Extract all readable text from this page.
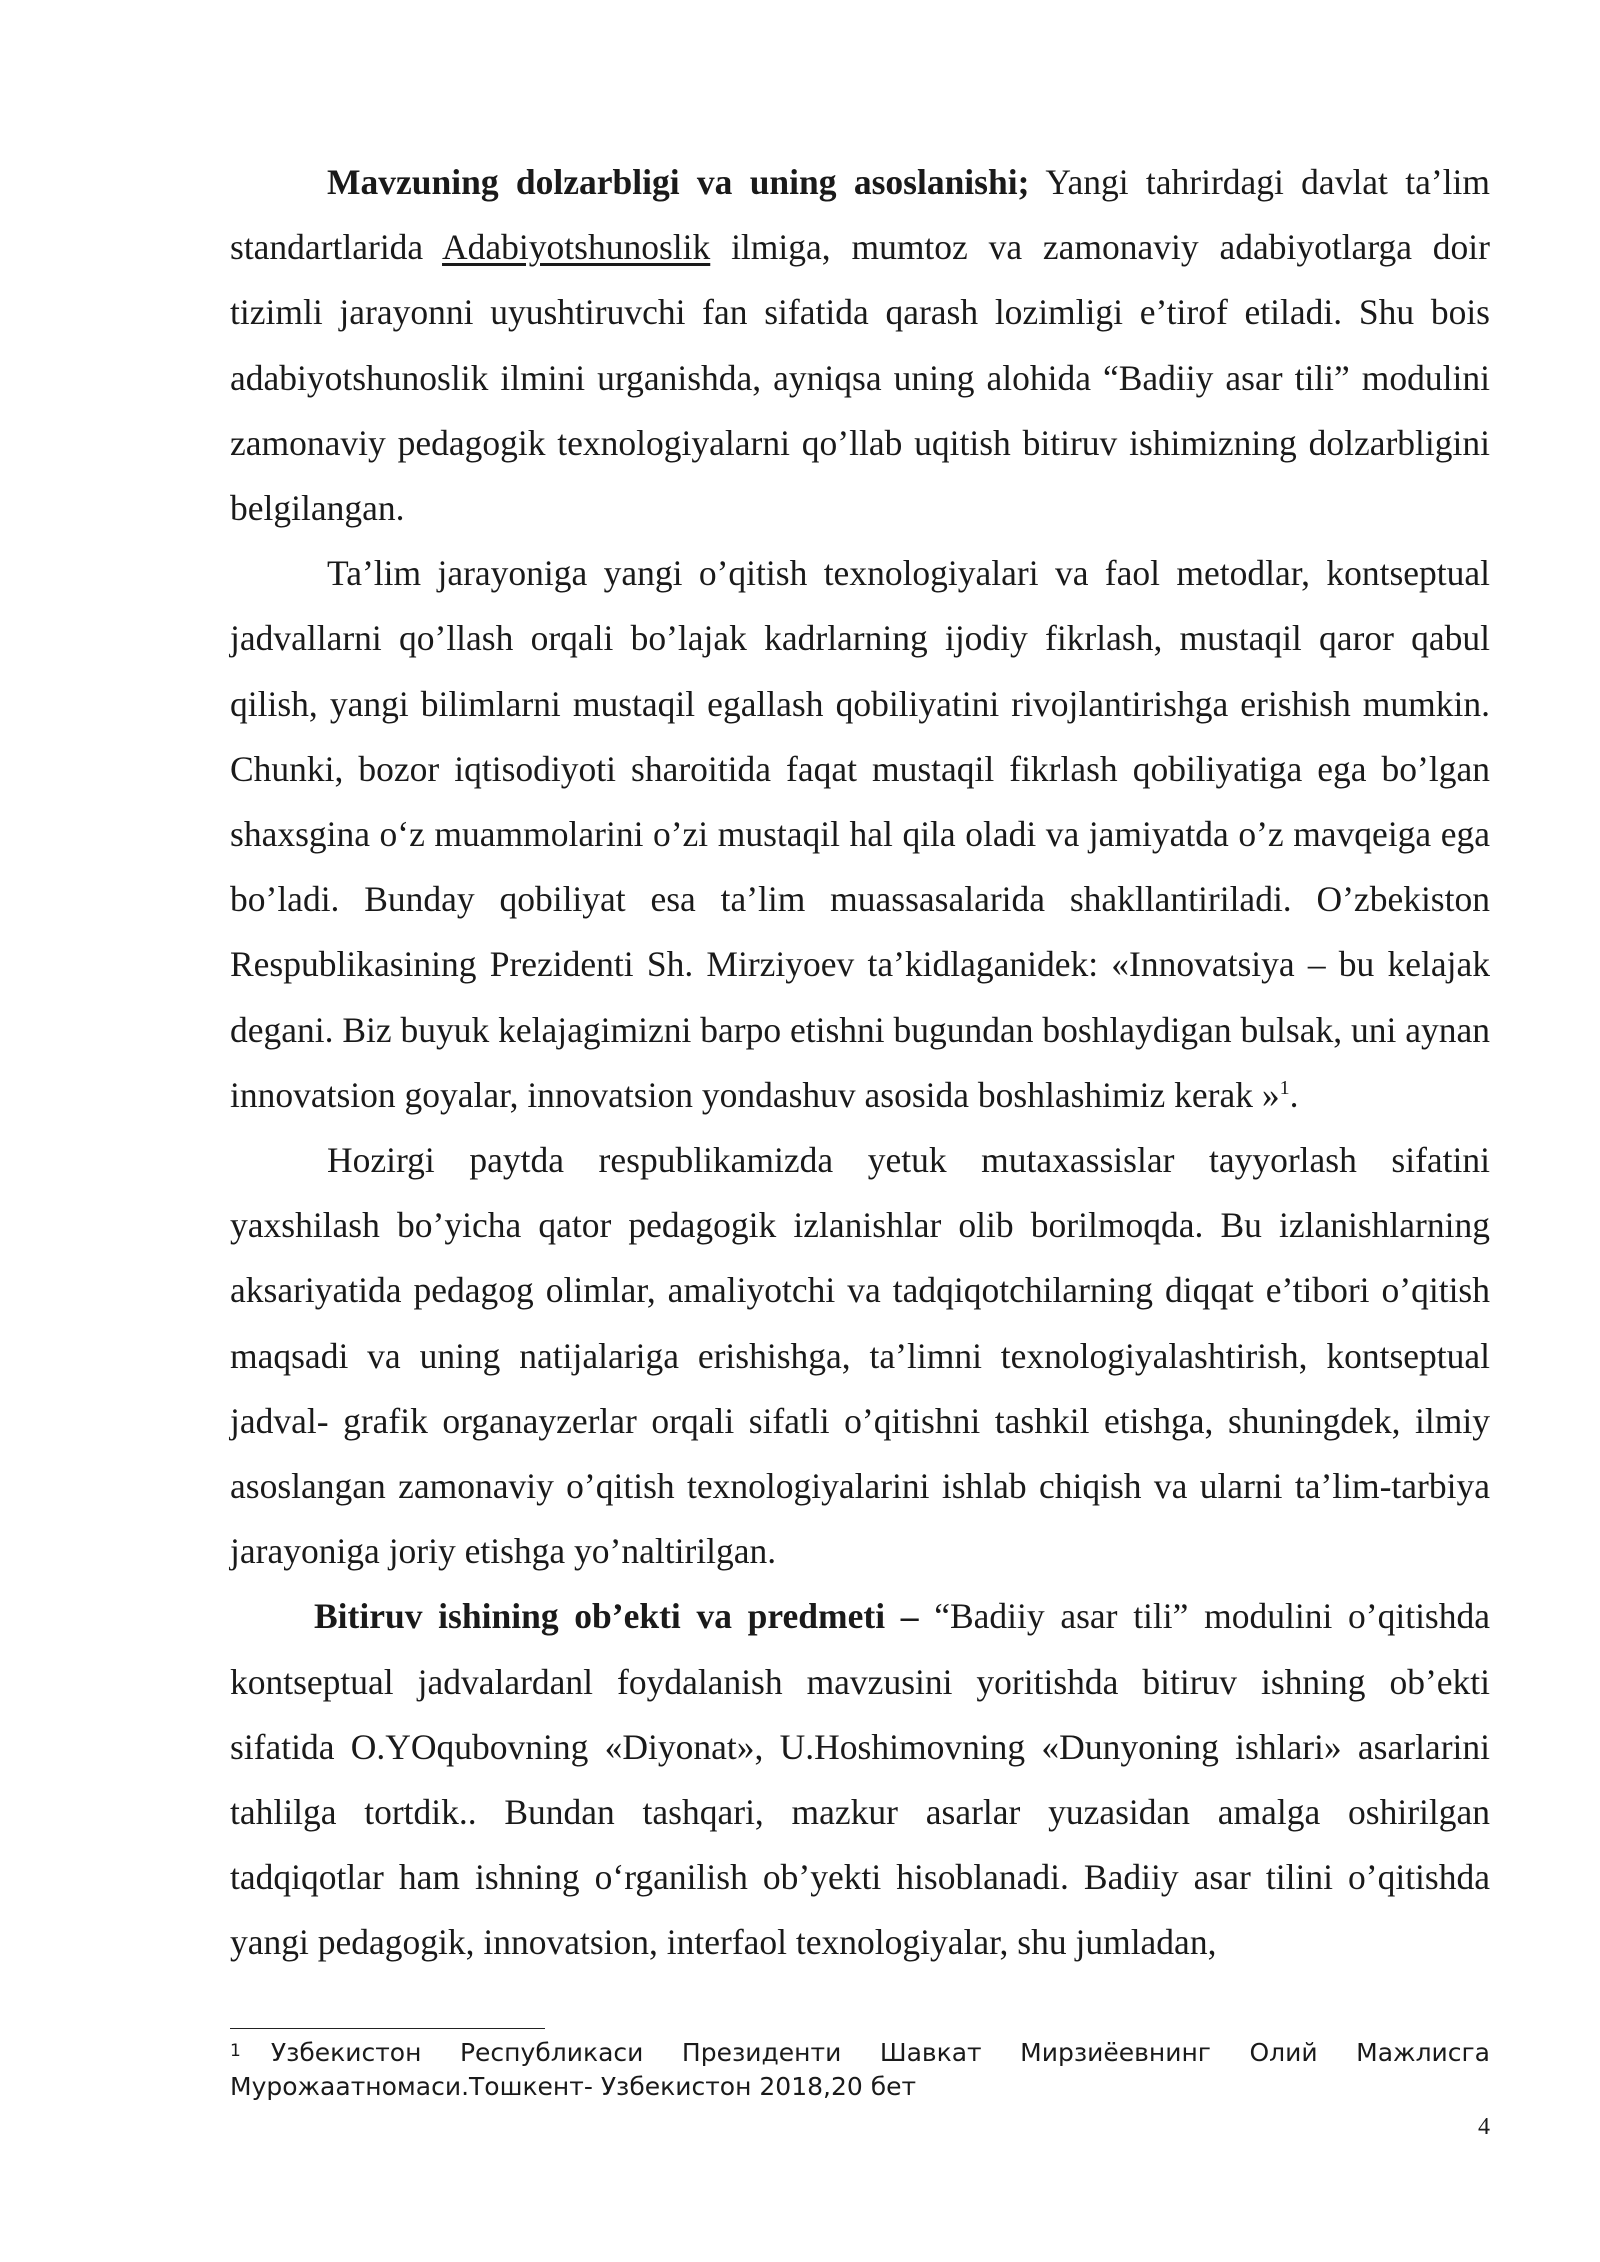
Mavzuning dolzarbligi va uning asoslanishi; Yangi tahrirdagi davlat ta’lim standartlarida Adabiyotshunoslik ilmiga, mumtoz va zamonaviy adabiyotlarga doir tizimli jarayonni uyushtiruvchi fan sifatida qarash lozimligi e’tirof etiladi. Shu bois adabiyotshunoslik ilmini urganishda, ayniqsa uning alohida “Badiiy asar tili” modulini zamonaviy pedagogik texnologiyalarni qo’llab uqitish bitiruv ishimizning dolzarbligini belgilangan.

Ta’lim jarayoniga yangi o’qitish texnologiyalari va faol metodlar, kontseptual jadvallarni qo’llash orqali bo’lajak kadrlarning ijodiy fikrlash, mustaqil qaror qabul qilish, yangi bilimlarni mustaqil egallash qobiliyatini rivojlantirishga erishish mumkin. Chunki, bozor iqtisodiyoti sharoitida faqat mustaqil fikrlash qobiliyatiga ega bo’lgan shaxsgina o‘z muammolarini o’zi mustaqil hal qila oladi va jamiyatda o’z mavqeiga ega bo’ladi. Bunday qobiliyat esa ta’lim muassasalarida shakllantiriladi. O’zbekiston Respublikasining Prezidenti Sh. Mirziyoev ta’kidlaganidek: «Innovatsiya – bu kelajak degani. Biz buyuk kelajagimizni barpo etishni bugundan boshlaydigan bulsak, uni aynan innovatsion goyalar, innovatsion yondashuv asosida boshlashimiz kerak »$^1$.

Hozirgi paytda respublikamizda yetuk mutaxassislar tayyorlash sifatini yaxshilash bo’yicha qator pedagogik izlanishlar olib borilmoqda. Bu izlanishlarning aksariyatida pedagog olimlar, amaliyotchi va tadqiqotchilarning diqqat e’tibori o’qitish maqsadi va uning natijalariga erishishga, ta’limni texnologiyalashtirish, kontseptual jadval- grafik organayzerlar orqali sifatli o’qitishni tashkil etishga, shuningdek, ilmiy asoslangan zamonaviy o’qitish texnologiyalarini ishlab chiqish va ularni ta’lim-tarbiya jarayoniga joriy etishga yo’naltirilgan.

Bitiruv ishining ob’ekti va predmeti – “Badiiy asar tili” modulini o’qitishda kontseptual jadvalardanl foydalanish mavzusini yoritishda bitiruv ishning ob’ekti sifatida O.YOqubovning «Diyonat», U.Hoshimovning «Dunyoning ishlari» asarlarini tahlilga tortdik.. Bundan tashqari, mazkur asarlar yuzasidan amalga oshirilgan tadqiqotlar ham ishning o‘rganilish ob’yekti hisoblanadi. Badiiy asar tilini o’qitishda yangi pedagogik, innovatsion, interfaol texnologiyalar, shu jumladan,

$^1$ Узбекистон Республикаси Президенти Шавкат Мирзиёевнинг Олий Мажлисга Мурожаатномаси.Тошкент- Узбекистон 2018,20 бет
4
